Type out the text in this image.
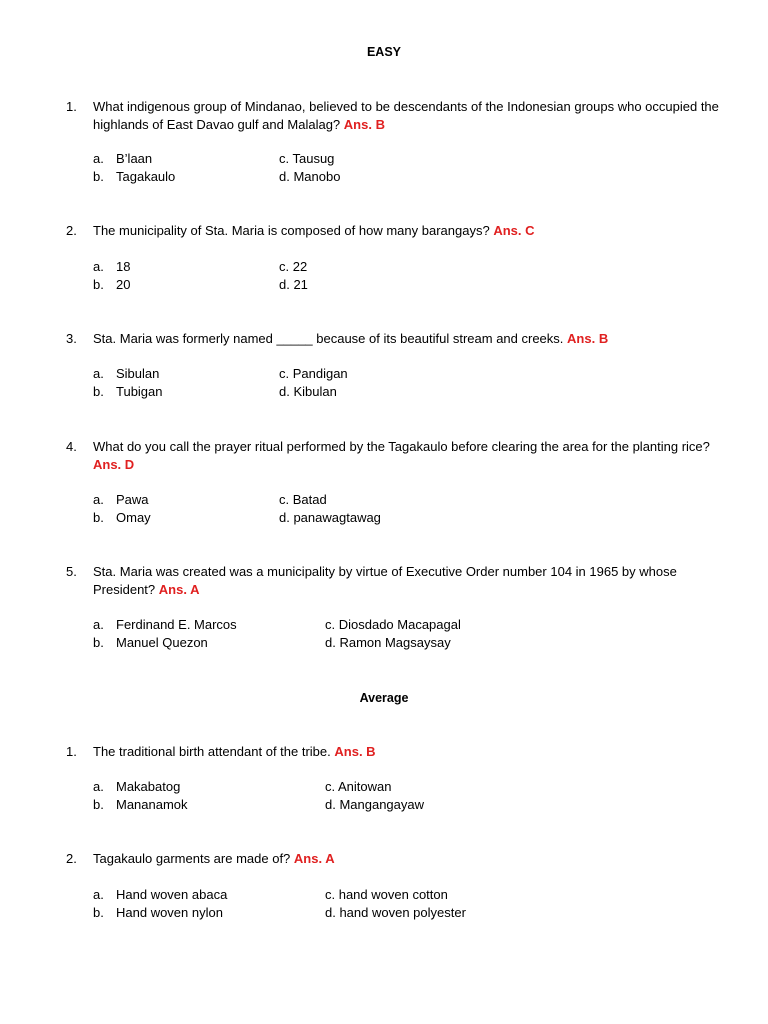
EASY
1.	What indigenous group of Mindanao, believed to be descendants of the Indonesian groups who occupied the highlands of East Davao gulf and Malalag? Ans. B
a. B’laan	c. Tausug
b. Tagakaulo	d. Manobo
2.	The municipality of Sta. Maria is composed of how many barangays? Ans. C
a. 18	c. 22
b. 20	d. 21
3.	Sta. Maria was formerly named _____ because of its beautiful stream and creeks. Ans. B
a. Sibulan	c. Pandigan
b. Tubigan	d. Kibulan
4.	What do you call the prayer ritual performed by the Tagakaulo before clearing the area for the planting rice? Ans. D
a. Pawa	c. Batad
b. Omay	d. panawagtawag
5.	Sta. Maria was created was a municipality by virtue of Executive Order number 104 in 1965 by whose President? Ans. A
a. Ferdinand E. Marcos	c. Diosdado Macapagal
b. Manuel Quezon	d. Ramon Magsaysay
Average
1.	The traditional birth attendant of the tribe. Ans. B
a. Makabatog	c. Anitowan
b. Mananamok	d. Mangangayaw
2.	Tagakaulo garments are made of? Ans. A
a. Hand woven abaca	c. hand woven cotton
b. Hand woven nylon	d. hand woven polyester
